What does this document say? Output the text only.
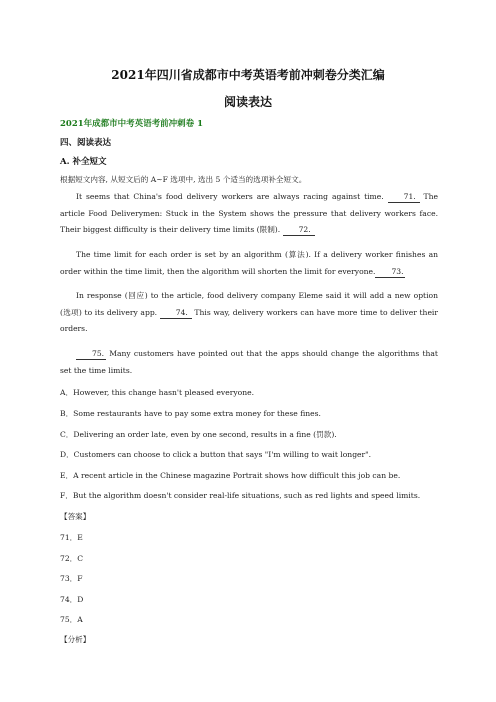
2021年四川省成都市中考英语考前冲刺卷分类汇编
阅读表达
2021年成都市中考英语考前冲刺卷 1
四、阅读表达
A. 补全短文
根据短文内容, 从短文后的 A~F 选项中, 选出 5 个适当的选项补全短文。
It seems that China's food delivery workers are always racing against time. 71. The article Food Deliverymen: Stuck in the System shows the pressure that delivery workers face. Their biggest difficulty is their delivery time limits (限制). 72.
The time limit for each order is set by an algorithm (算法). If a delivery worker finishes an order within the time limit, then the algorithm will shorten the limit for everyone. 73.
In response (回应) to the article, food delivery company Eleme said it will add a new option (选项) to its delivery app. 74. This way, delivery workers can have more time to deliver their orders.
75. Many customers have pointed out that the apps should change the algorithms that set the time limits.
A．However, this change hasn't pleased everyone.
B．Some restaurants have to pay some extra money for these fines.
C．Delivering an order late, even by one second, results in a fine (罚款).
D．Customers can choose to click a button that says "I'm willing to wait longer".
E．A recent article in the Chinese magazine Portrait shows how difficult this job can be.
F．But the algorithm doesn't consider real-life situations, such as red lights and speed limits.
【答案】
71．E
72．C
73．F
74．D
75．A
【分析】
